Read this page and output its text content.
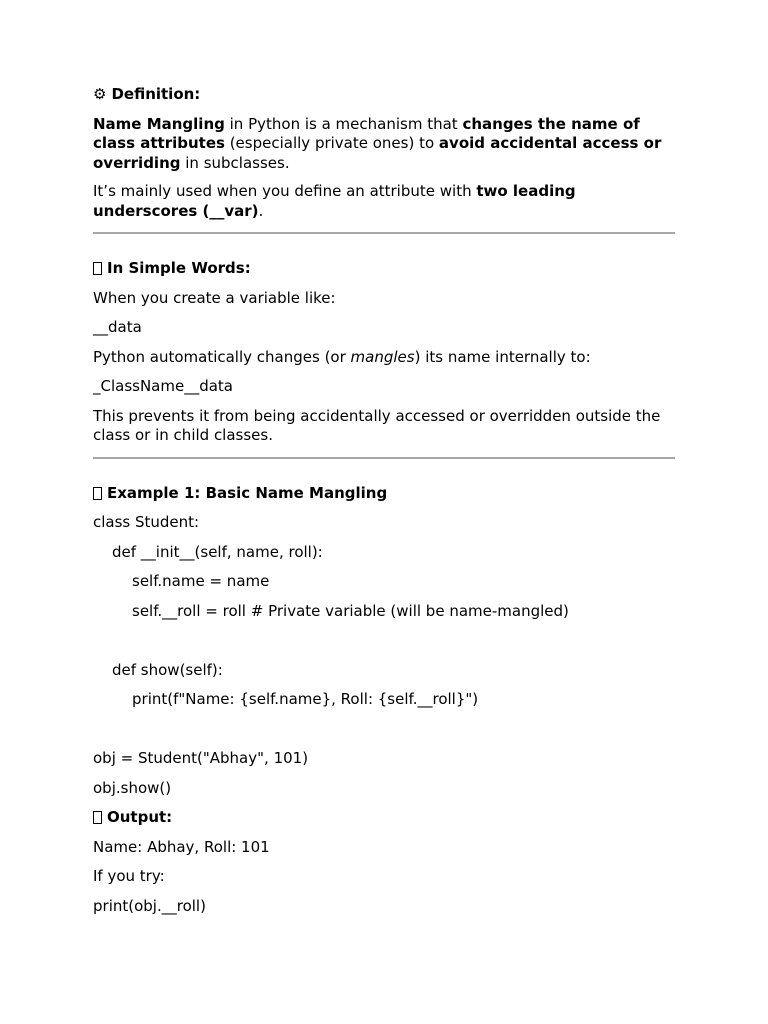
⚙ Definition:

Name Mangling in Python is a mechanism that changes the name of class attributes (especially private ones) to avoid accidental access or overriding in subclasses.

It’s mainly used when you define an attribute with two leading underscores (__var).

In Simple Words:

When you create a variable like:

__data

Python automatically changes (or mangles) its name internally to:

_ClassName__data

This prevents it from being accidentally accessed or overridden outside the class or in child classes.

Example 1: Basic Name Mangling

class Student:

def __init__(self, name, roll):

self.name = name

self.__roll = roll # Private variable (will be name-mangled)

def show(self):

print(f"Name: {self.name}, Roll: {self.__roll}")

obj = Student("Abhay", 101)

obj.show()

Output:

Name: Abhay, Roll: 101

If you try:

print(obj.__roll)
